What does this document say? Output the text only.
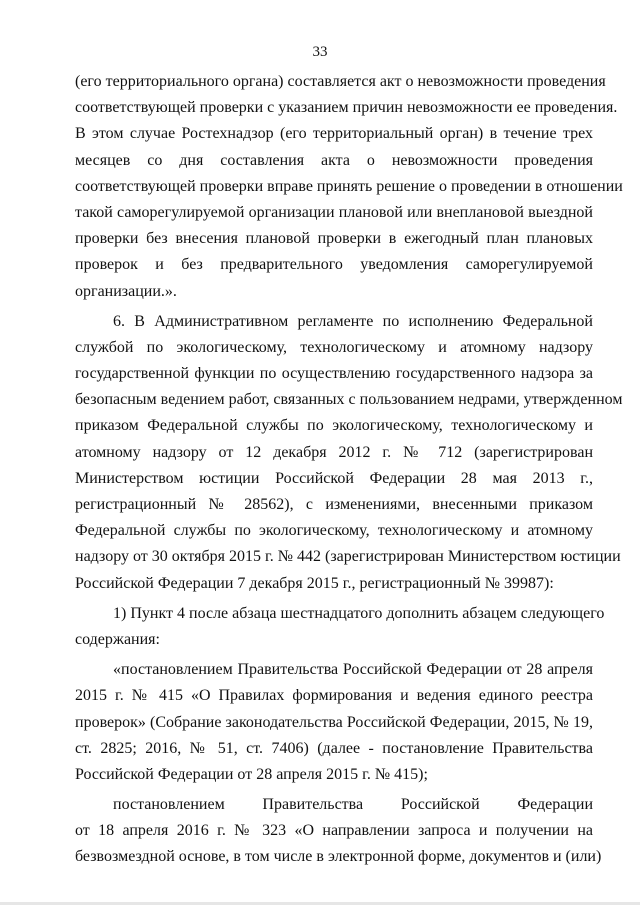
33
(его территориального органа) составляется акт о невозможности проведения
соответствующей проверки с указанием причин невозможности ее проведения.
В этом случае Ростехнадзор (его территориальный орган) в течение трех
месяцев со дня составления акта о невозможности проведения
соответствующей проверки вправе принять решение о проведении в отношении
такой саморегулируемой организации плановой или внеплановой выездной
проверки без внесения плановой проверки в ежегодный план плановых
проверок и без предварительного уведомления саморегулируемой
организации.».
6. В Административном регламенте по исполнению Федеральной
службой по экологическому, технологическому и атомному надзору
государственной функции по осуществлению государственного надзора за
безопасным ведением работ, связанных с пользованием недрами, утвержденном
приказом Федеральной службы по экологическому, технологическому и
атомному надзору от 12 декабря 2012 г. № 712 (зарегистрирован
Министерством юстиции Российской Федерации 28 мая 2013 г.,
регистрационный № 28562), с изменениями, внесенными приказом
Федеральной службы по экологическому, технологическому и атомному
надзору от 30 октября 2015 г. № 442 (зарегистрирован Министерством юстиции
Российской Федерации 7 декабря 2015 г., регистрационный № 39987):
1) Пункт 4 после абзаца шестнадцатого дополнить абзацем следующего
содержания:
«постановлением Правительства Российской Федерации от 28 апреля
2015 г. № 415 «О Правилах формирования и ведения единого реестра
проверок» (Собрание законодательства Российской Федерации, 2015, № 19,
ст. 2825; 2016, № 51, ст. 7406) (далее - постановление Правительства
Российской Федерации от 28 апреля 2015 г. № 415);
постановлением Правительства Российской Федерации
от 18 апреля 2016 г. № 323 «О направлении запроса и получении на
безвозмездной основе, в том числе в электронной форме, документов и (или)
